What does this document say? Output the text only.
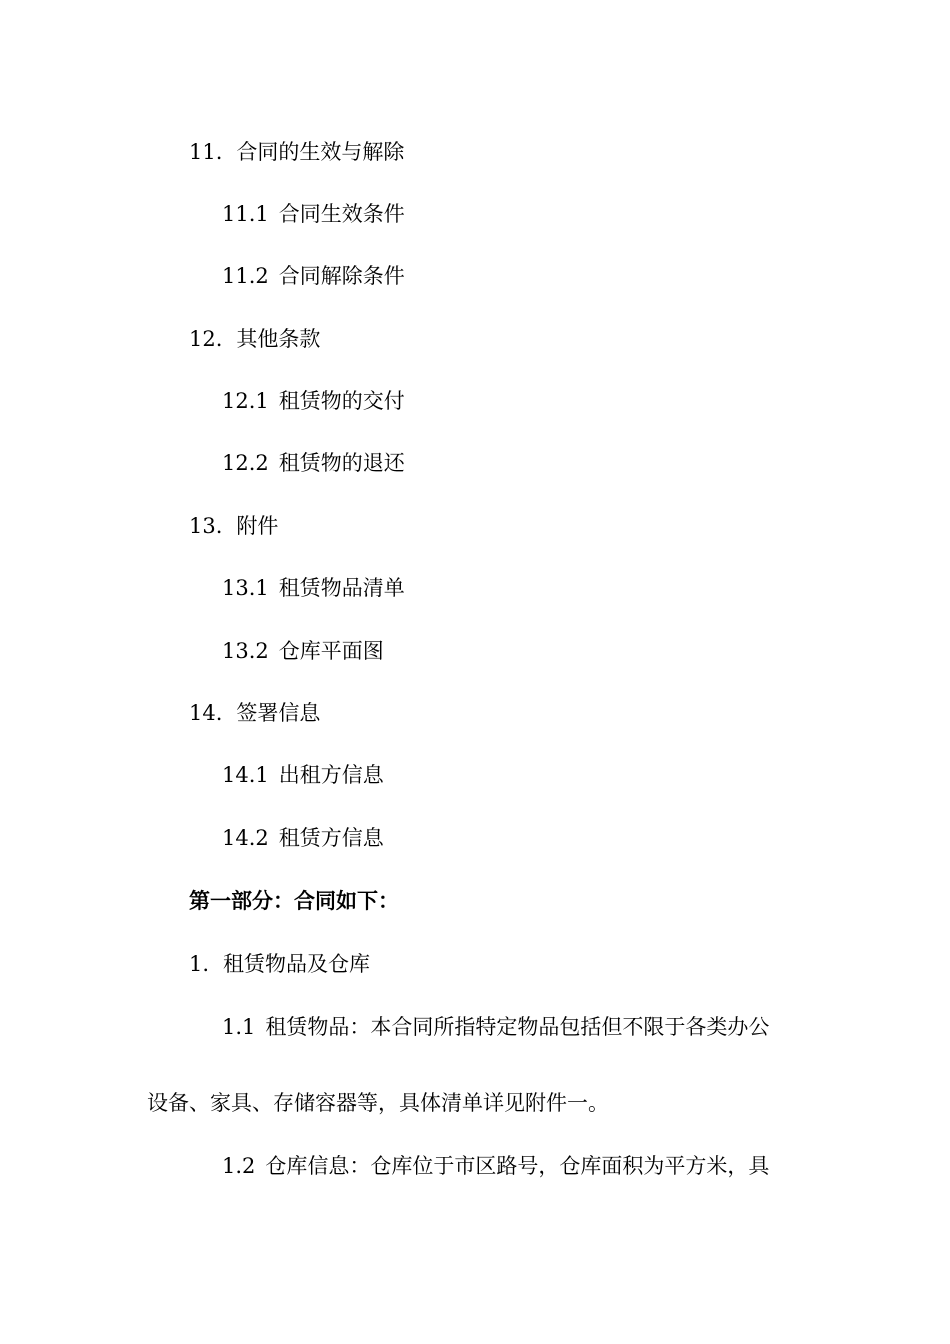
11. 合同的生效与解除
11.1 合同生效条件
11.2 合同解除条件
12. 其他条款
12.1 租赁物的交付
12.2 租赁物的退还
13. 附件
13.1 租赁物品清单
13.2 仓库平面图
14. 签署信息
14.1 出租方信息
14.2 租赁方信息
第一部分：合同如下：
1. 租赁物品及仓库
1.1 租赁物品：本合同所指特定物品包括但不限于各类办公
设备、家具、存储容器等，具体清单详见附件一。
1.2 仓库信息：仓库位于市区路号，仓库面积为平方米，具
